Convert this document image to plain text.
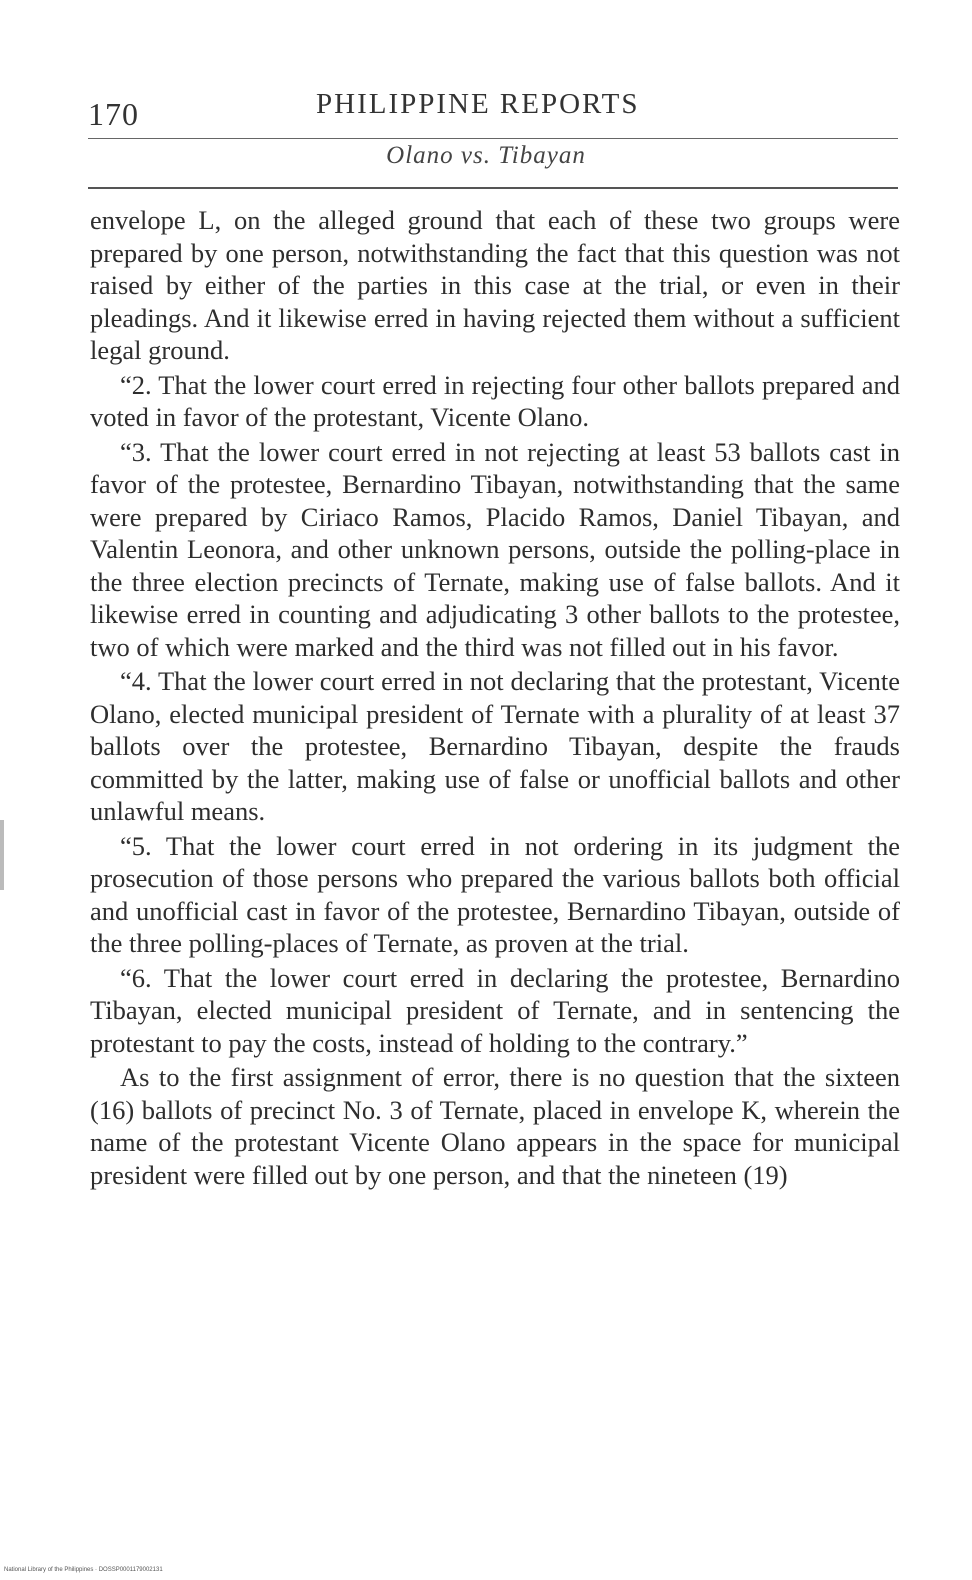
170	PHILIPPINE REPORTS
Olano vs. Tibayan

envelope L, on the alleged ground that each of these two groups were prepared by one person, notwithstanding the fact that this question was not raised by either of the parties in this case at the trial, or even in their pleadings. And it likewise erred in having rejected them without a sufficient legal ground.

“2. That the lower court erred in rejecting four other ballots prepared and voted in favor of the protestant, Vicente Olano.

“3. That the lower court erred in not rejecting at least 53 ballots cast in favor of the protestee, Bernardino Tibayan, notwithstanding that the same were prepared by Ciriaco Ramos, Placido Ramos, Daniel Tibayan, and Valentin Leonora, and other unknown persons, outside the polling-place in the three election precincts of Ternate, making use of false ballots. And it likewise erred in counting and adjudicating 3 other ballots to the protestee, two of which were marked and the third was not filled out in his favor.

“4. That the lower court erred in not declaring that the protestant, Vicente Olano, elected municipal president of Ternate with a plurality of at least 37 ballots over the protestee, Bernardino Tibayan, despite the frauds committed by the latter, making use of false or unofficial ballots and other unlawful means.

“5. That the lower court erred in not ordering in its judgment the prosecution of those persons who prepared the various ballots both official and unofficial cast in favor of the protestee, Bernardino Tibayan, outside of the three polling-places of Ternate, as proven at the trial.

“6. That the lower court erred in declaring the protestee, Bernardino Tibayan, elected municipal president of Ternate, and in sentencing the protestant to pay the costs, instead of holding to the contrary.”

As to the first assignment of error, there is no question that the sixteen (16) ballots of precinct No. 3 of Ternate, placed in envelope K, wherein the name of the protestant Vicente Olano appears in the space for municipal president were filled out by one person, and that the nineteen (19)

National Library of the Philippines · DOSSP0001179002131
